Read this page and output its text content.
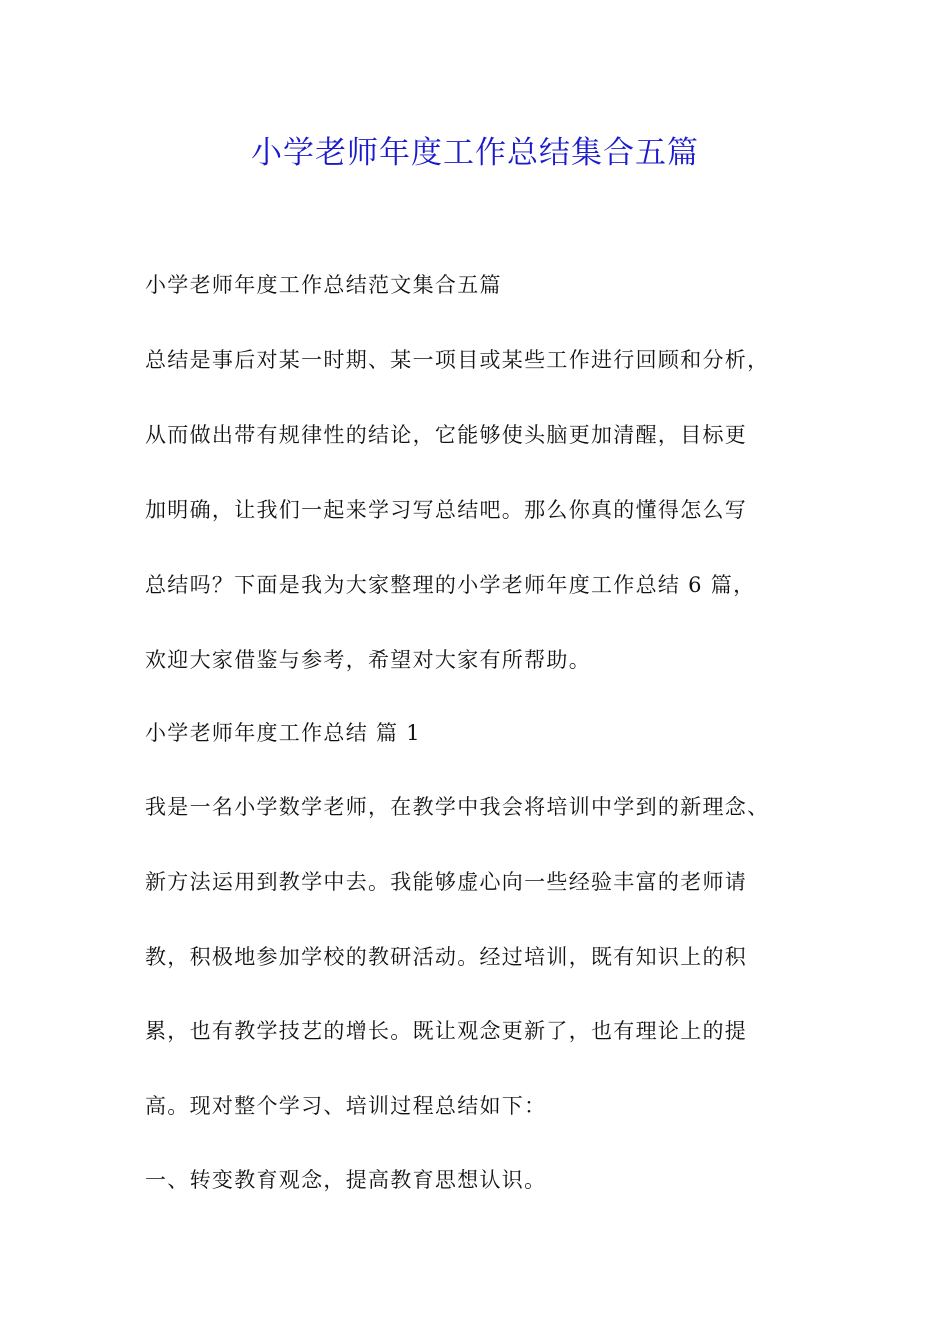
小学老师年度工作总结集合五篇

小学老师年度工作总结范文集合五篇

总结是事后对某一时期、某一项目或某些工作进行回顾和分析，

从而做出带有规律性的结论，它能够使头脑更加清醒，目标更

加明确，让我们一起来学习写总结吧。那么你真的懂得怎么写

总结吗？下面是我为大家整理的小学老师年度工作总结 6 篇，

欢迎大家借鉴与参考，希望对大家有所帮助。

小学老师年度工作总结 篇 1

我是一名小学数学老师，在教学中我会将培训中学到的新理念、

新方法运用到教学中去。我能够虚心向一些经验丰富的老师请

教，积极地参加学校的教研活动。经过培训，既有知识上的积

累，也有教学技艺的增长。既让观念更新了，也有理论上的提

高。现对整个学习、培训过程总结如下：

一、转变教育观念，提高教育思想认识。
